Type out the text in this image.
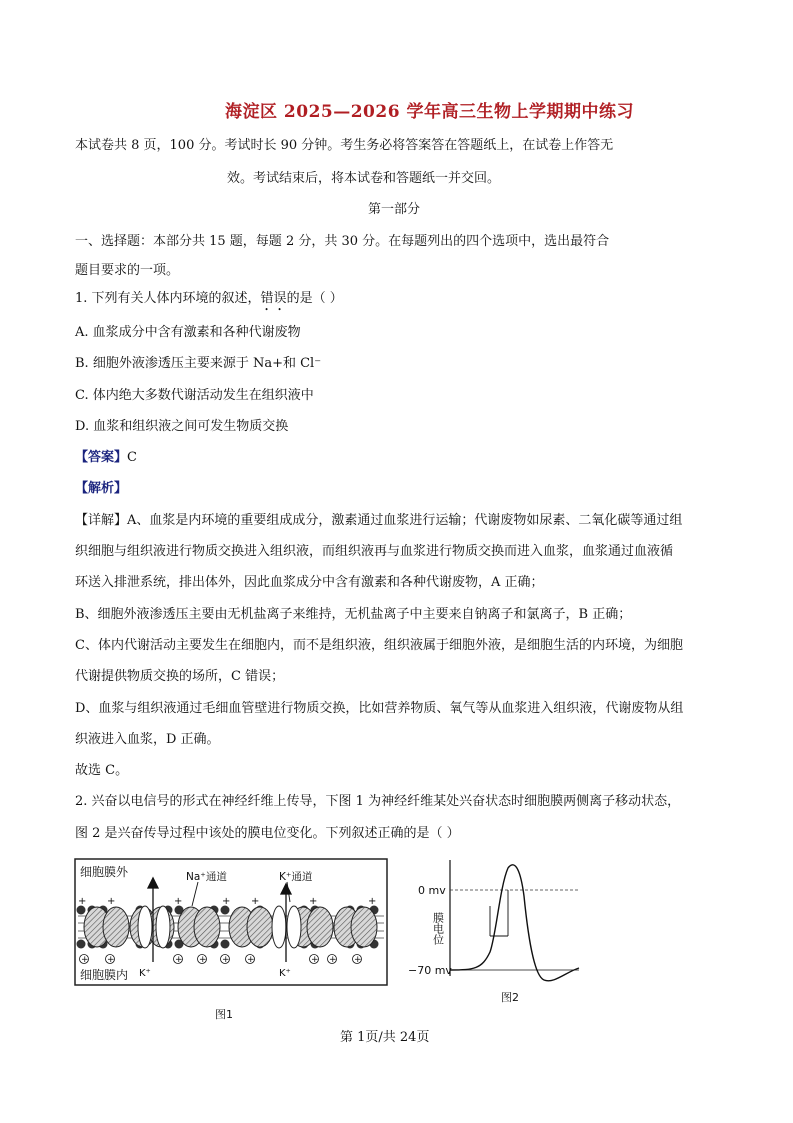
海淀区 2025—2026 学年高三生物上学期期中练习
本试卷共 8 页，100 分。考试时长 90 分钟。考生务必将答案答在答题纸上，在试卷上作答无
效。考试结束后，将本试卷和答题纸一并交回。
第一部分
一、选择题：本部分共 15 题，每题 2 分，共 30 分。在每题列出的四个选项中，选出最符合
题目要求的一项。
1. 下列有关人体内环境的叙述，错误的是（ ）
A. 血浆成分中含有激素和各种代谢废物
B. 细胞外液渗透压主要来源于 Na+和 Cl⁻
C. 体内绝大多数代谢活动发生在组织液中
D. 血浆和组织液之间可发生物质交换
【答案】C
【解析】
【详解】A、血浆是内环境的重要组成成分，激素通过血浆进行运输；代谢废物如尿素、二氧化碳等通过组
织细胞与组织液进行物质交换进入组织液，而组织液再与血浆进行物质交换而进入血浆，血浆通过血液循
环送入排泄系统，排出体外，因此血浆成分中含有激素和各种代谢废物，A 正确；
B、细胞外液渗透压主要由无机盐离子来维持，无机盐离子中主要来自钠离子和氯离子，B 正确；
C、体内代谢活动主要发生在细胞内，而不是组织液，组织液属于细胞外液，是细胞生活的内环境，为细胞
代谢提供物质交换的场所，C 错误；
D、血浆与组织液通过毛细血管壁进行物质交换，比如营养物质、氧气等从血浆进入组织液，代谢废物从组
织液进入血浆，D 正确。
故选 C。
2. 兴奋以电信号的形式在神经纤维上传导，下图 1 为神经纤维某处兴奋状态时细胞膜两侧离子移动状态，
图 2 是兴奋传导过程中该处的膜电位变化。下列叙述正确的是（ ）
+ +	+	+ +	+	+
+ +	+ + + +	+ + +
细胞膜外
细胞膜内
Na⁺通道	K⁺通道
K⁺	K⁺
图1
0 mv
−70 mv
膜电位
图2
第 1页/共 24页
